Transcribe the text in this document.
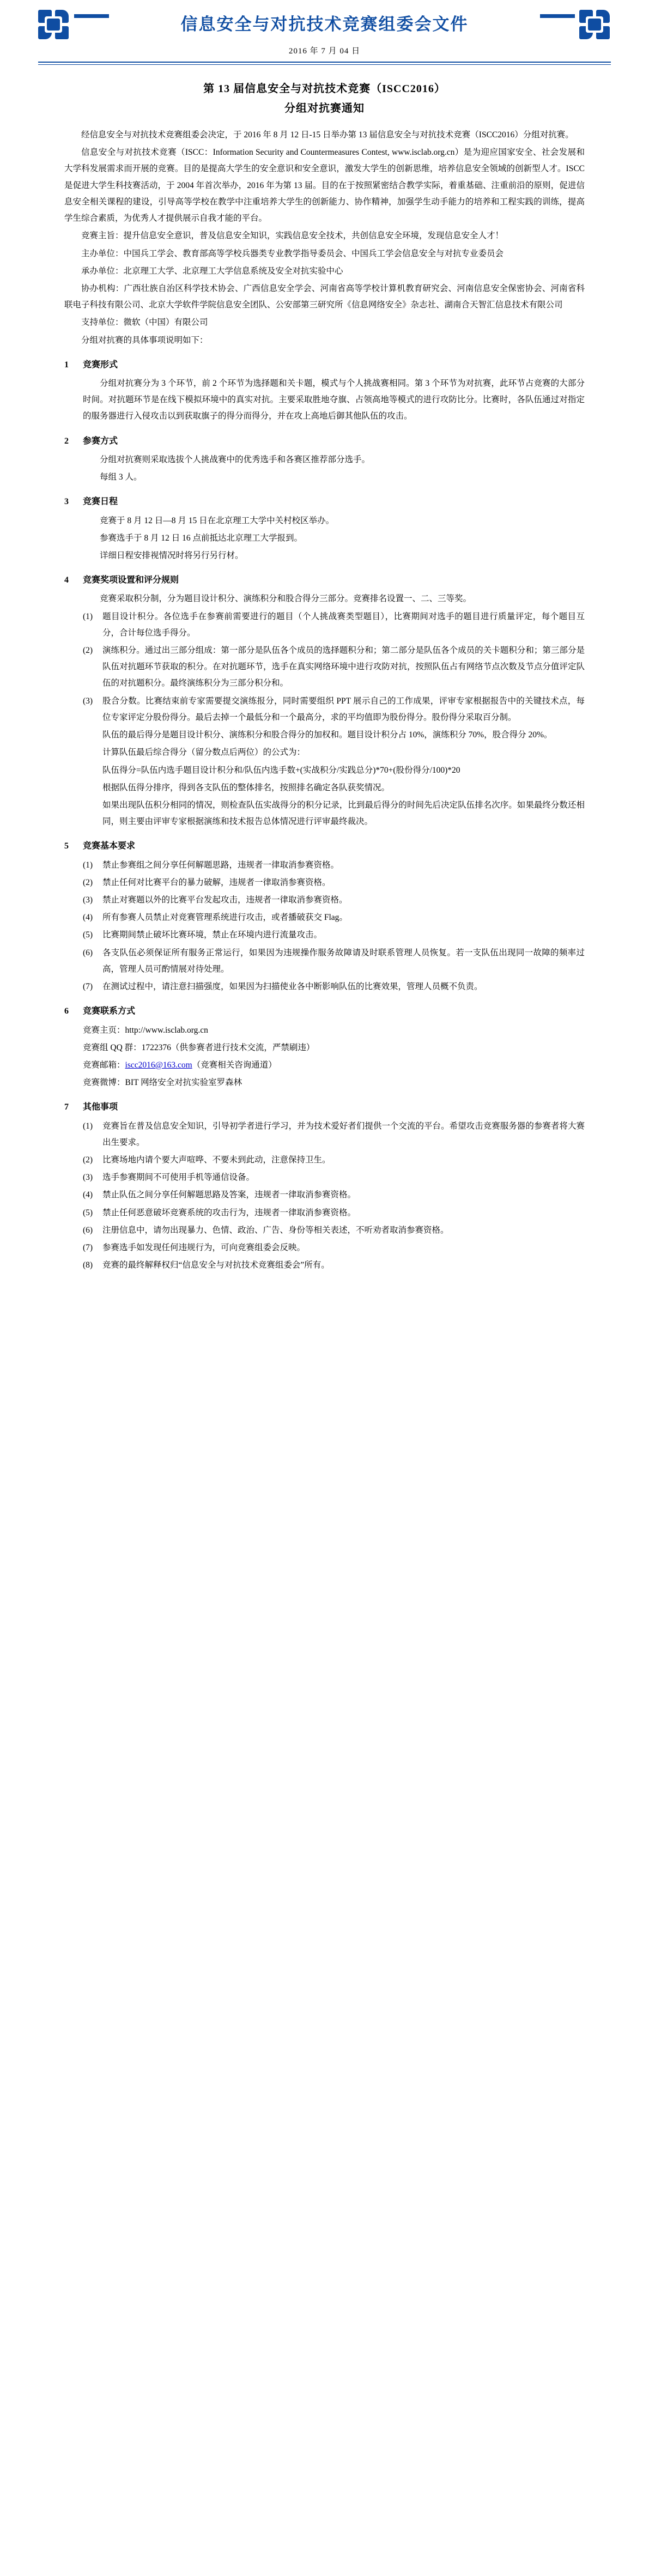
信息安全与对抗技术竞赛组委会文件
2016 年 7 月 04 日
第 13 届信息安全与对抗技术竞赛（ISCC2016）
分组对抗赛通知

经信息安全与对抗技术竞赛组委会决定，于 2016 年 8 月 12 日-15 日举办第 13 届信息安全与对抗技术竞赛（ISCC2016）分组对抗赛。

信息安全与对抗技术竞赛（ISCC：Information Security and Countermeasures Contest, www.isclab.org.cn）是为迎应国家安全、社会发展和大学科发展需求而开展的竞赛。目的是提高大学生的安全意识和安全意识，激发大学生的创新思维，培养信息安全领域的创新型人才。ISCC 是促进大学生科技赛活动，于 2004 年首次举办，2016 年为第 13 届。目的在于按照紧密结合教学实际，着重基础、注重前沿的原则，促进信息安全相关课程的建设，引导高等学校在教学中注重培养大学生的创新能力、协作精神，加强学生动手能力的培养和工程实践的训练，提高学生综合素质，为优秀人才提供展示自我才能的平台。

竞赛主旨：提升信息安全意识，普及信息安全知识，实践信息安全技术，共创信息安全环境，发现信息安全人才！

主办单位：中国兵工学会、教育部高等学校兵器类专业教学指导委员会、中国兵工学会信息安全与对抗专业委员会

承办单位：北京理工大学、北京理工大学信息系统及安全对抗实验中心

协办机构：广西壮族自治区科学技术协会、广西信息安全学会、河南省高等学校计算机教育研究会、河南信息安全保密协会、河南省科联电子科技有限公司、北京大学软件学院信息安全团队、公安部第三研究所《信息网络安全》杂志社、湖南合天智汇信息技术有限公司

支持单位：微软（中国）有限公司

分组对抗赛的具体事项说明如下：

1	竞赛形式

分组对抗赛分为 3 个环节，前 2 个环节为选择题和关卡题，模式与个人挑战赛相同。第 3 个环节为对抗赛，此环节占竞赛的大部分时间。对抗题环节是在线下模拟环境中的真实对抗。主要采取胜地夺旗、占领高地等模式的进行攻防比分。比赛时，各队伍通过对指定的服务器进行入侵攻击以到获取旗子的得分而得分，并在攻上高地后御其他队伍的攻击。

2	参赛方式

分组对抗赛则采取选拔个人挑战赛中的优秀选手和各赛区推荐部分选手。

每组 3 人。

3	竞赛日程

竞赛于 8 月 12 日—8 月 15 日在北京理工大学中关村校区举办。

参赛选手于 8 月 12 日 16 点前抵达北京理工大学报到。

详细日程安排视情况时将另行另行材。

4	竞赛奖项设置和评分规则

竞赛采取积分制，分为题目设计积分、演练积分和股合得分三部分。竞赛排名设置一、二、三等奖。

(1)	题目设计积分。各位选手在参赛前需要进行的题目（个人挑战赛类型题目），比赛期间对选手的题目进行质量评定，每个题目互分，合计每位选手得分。
(2)	演练积分。通过出三部分组成：第一部分是队伍各个成员的选择题积分和；第二部分是队伍各个成员的关卡题积分和；第三部分是队伍对抗题环节获取的积分。在对抗题环节，选手在真实网络环境中进行攻防对抗，按照队伍占有网络节点次数及节点分值评定队伍的对抗题积分。最终演练积分为三部分积分和。
(3)	股合分数。比赛结束前专家需要提交演练报分，同时需要组织 PPT 展示自己的工作成果，评审专家根据报告中的关键技术点，每位专家评定分股份得分。最后去掉一个最低分和一个最高分，求的平均值即为股份得分。股份得分采取百分制。

队伍的最后得分是题目设计积分、演练积分和股合得分的加权和。题目设计积分占 10%，演练积分 70%，股合得分 20%。

计算队伍最后综合得分（留分数点后两位）的公式为：

队伍得分=队伍内选手题目设计积分和/队伍内选手数+(实战积分/实践总分)*70+(股份得分/100)*20

根据队伍得分排序，得到各支队伍的整体排名，按照排名确定各队获奖情况。

如果出现队伍积分相同的情况，则检查队伍实战得分的积分记录，比到最后得分的时间先后决定队伍排名次序。如果最终分数还相同，则主要由评审专家根据演练和技术报告总体情况进行评审最终裁决。

5	竞赛基本要求
(1)	禁止参赛组之间分享任何解题思路，违规者一律取消参赛资格。
(2)	禁止任何对比赛平台的暴力破解，违规者一律取消参赛资格。
(3)	禁止对赛题以外的比赛平台发起攻击，违规者一律取消参赛资格。
(4)	所有参赛人员禁止对竞赛管理系统进行攻击，或者播破获交 Flag。
(5)	比赛期间禁止破坏比赛环境，禁止在环境内进行流量攻击。
(6)	各支队伍必须保证所有服务正常运行，如果因为违规操作服务故障请及时联系管理人员恢复。若一支队伍出现同一故障的频率过高，管理人员可酌情展对待处理。
(7)	在测试过程中，请注意扫描强度，如果因为扫描使业各中断影响队伍的比赛效果，管理人员概不负责。
6	竞赛联系方式

竞赛主页：http://www.isclab.org.cn

竞赛组 QQ 群：1722376（供参赛者进行技术交流，严禁刷违）

竞赛邮箱：iscc2016@163.com（竞赛相关咨询通道）

竞赛微博：BIT 网络安全对抗实验室罗森林

7	其他事项
(1)	竞赛旨在普及信息安全知识，引导初学者进行学习，并为技术爱好者们提供一个交流的平台。希望攻击竞赛服务器的参赛者将大赛出生要求。
(2)	比赛场地内请个要大声喧哗、不要未到此动，注意保持卫生。
(3)	选手参赛期间不可使用手机等通信设备。
(4)	禁止队伍之间分享任何解题思路及答案，违规者一律取消参赛资格。
(5)	禁止任何恶意破坏竞赛系统的攻击行为，违规者一律取消参赛资格。
(6)	注册信息中，请勿出现暴力、色情、政治、广告、身份等相关表述，不听劝者取消参赛资格。
(7)	参赛选手如发现任何违规行为，可向竞赛组委会反映。
(8)	竞赛的最终解释权归“信息安全与对抗技术竞赛组委会”所有。
